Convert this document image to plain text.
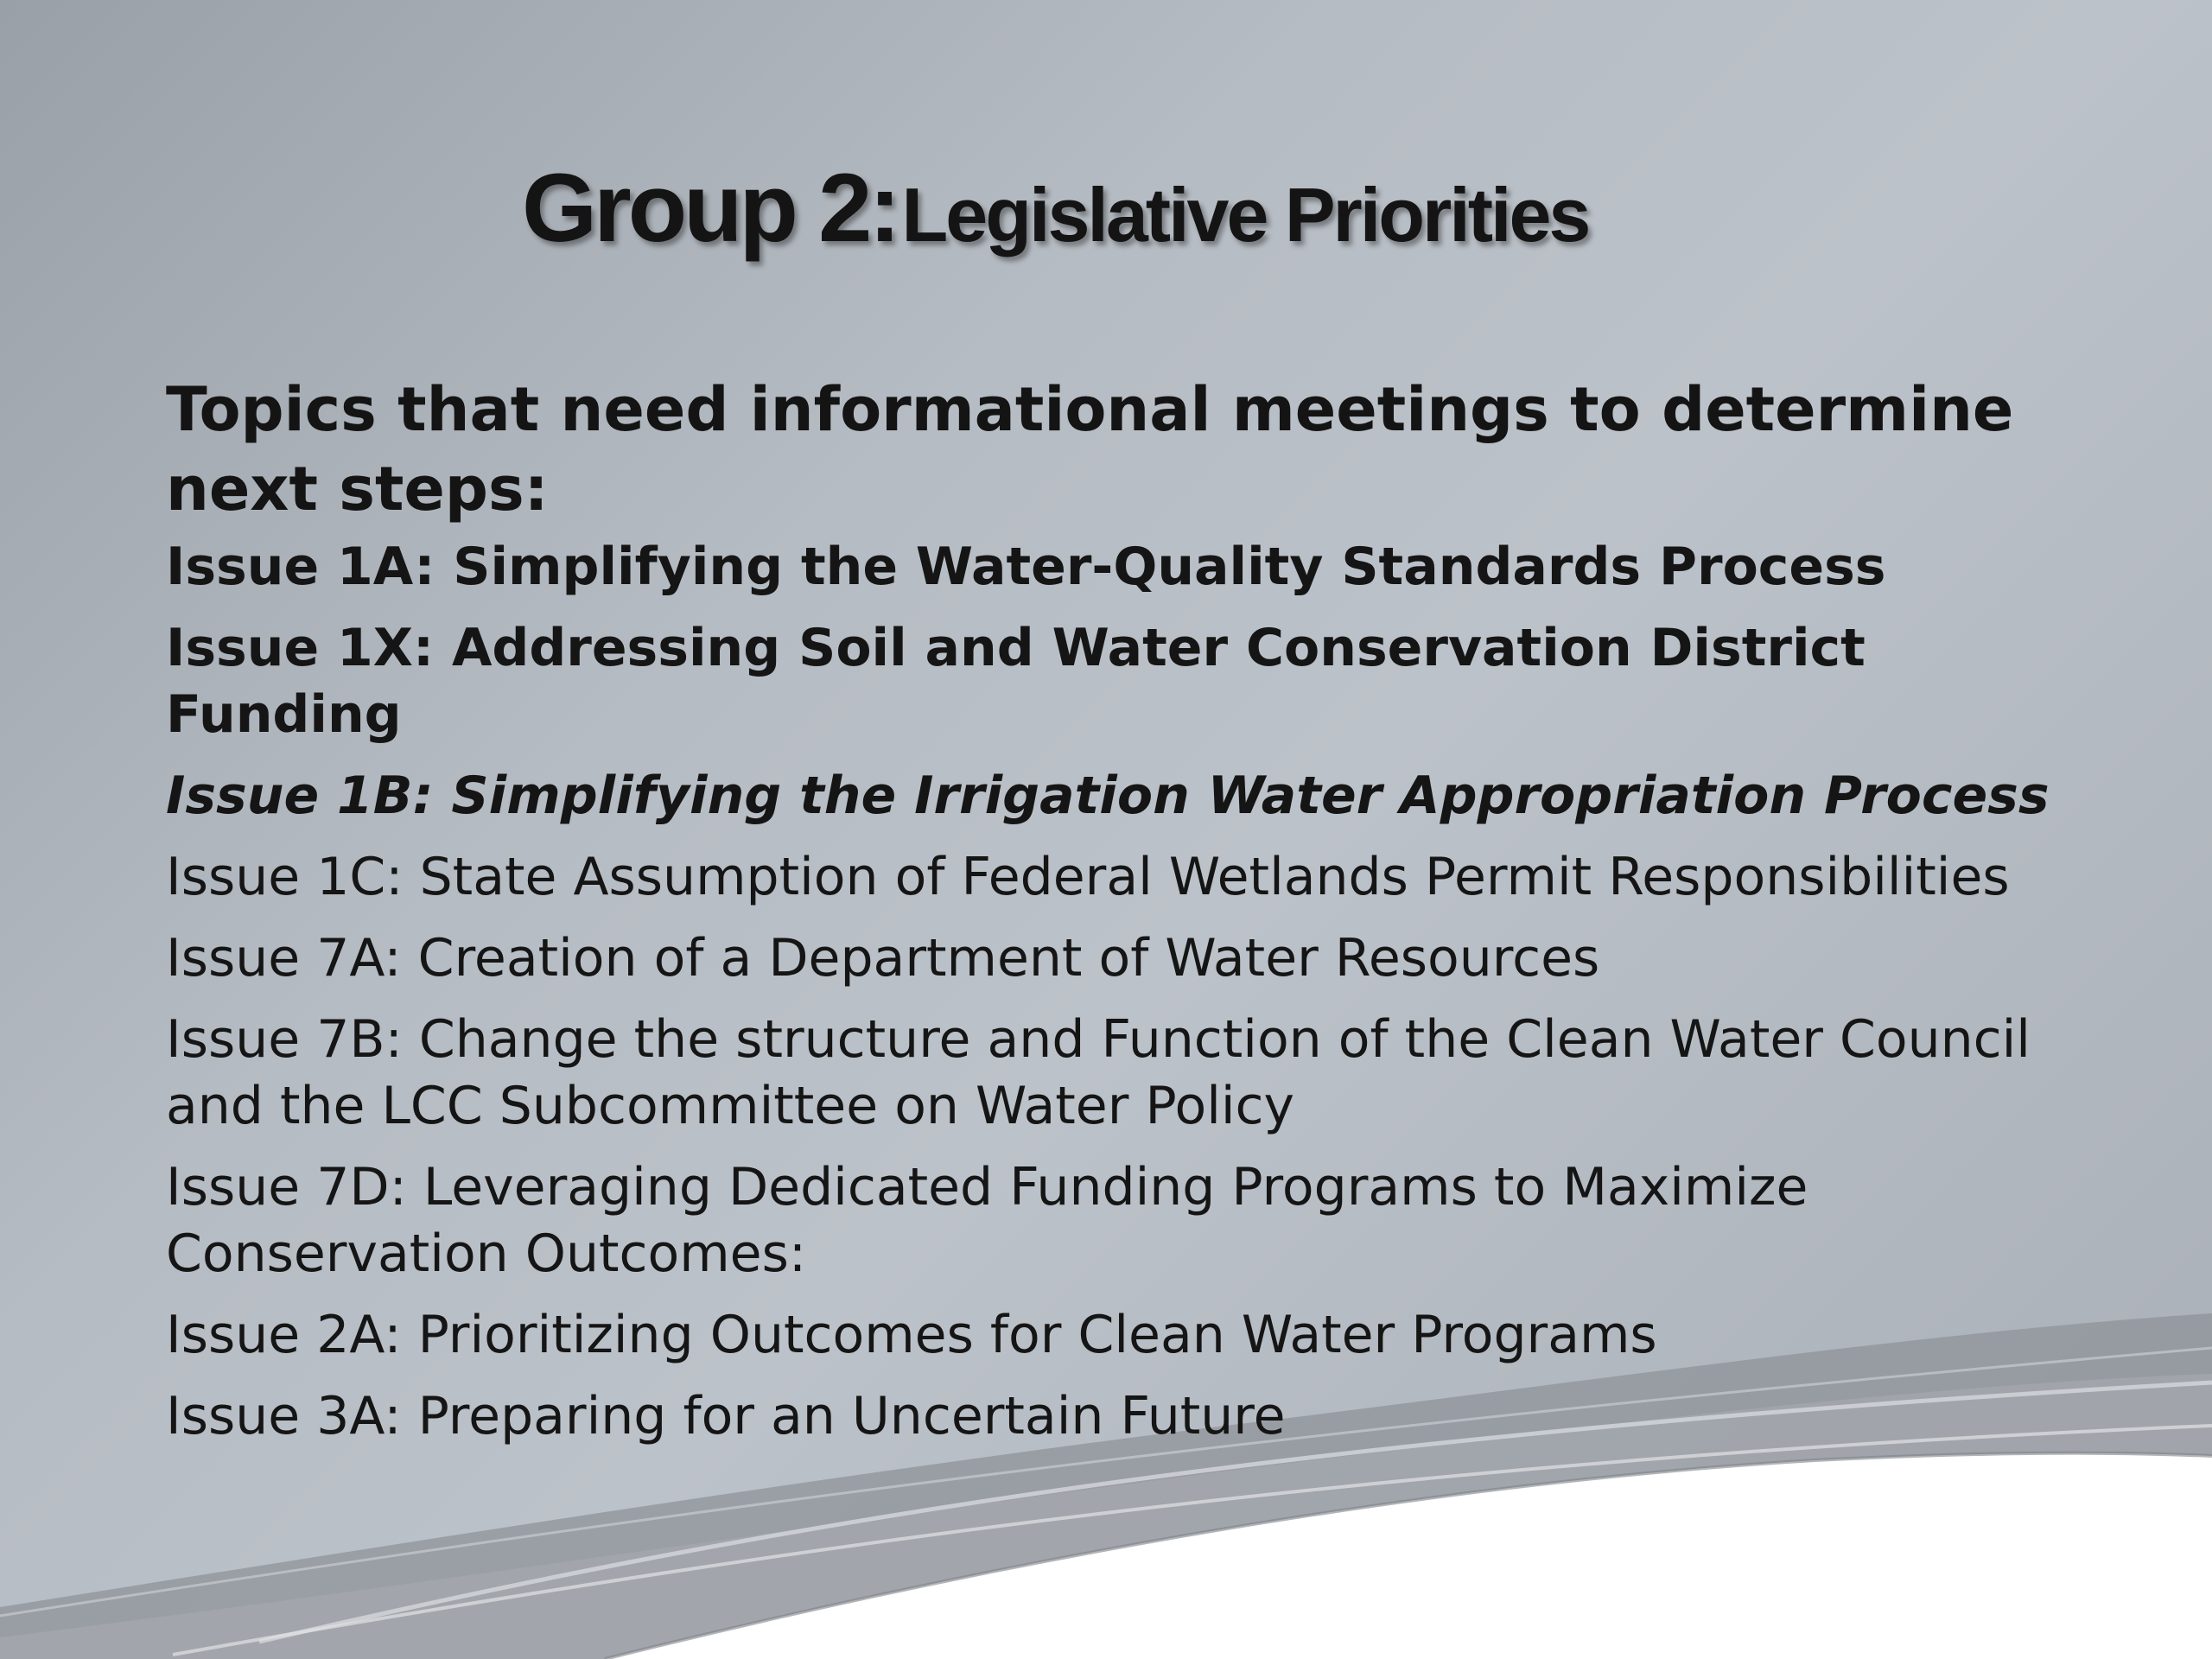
Group 2: Legislative Priorities

Topics that need informational meetings to determine next steps:

Issue 1A: Simplifying the Water-Quality Standards Process
Issue 1X: Addressing Soil and Water Conservation District Funding
Issue 1B: Simplifying the Irrigation Water Appropriation Process
Issue 1C: State Assumption of Federal Wetlands Permit Responsibilities
Issue 7A: Creation of a Department of Water Resources
Issue 7B: Change the structure and Function of the Clean Water Council and the LCC Subcommittee on Water Policy
Issue 7D: Leveraging Dedicated Funding Programs to Maximize Conservation Outcomes:
Issue 2A: Prioritizing Outcomes for Clean Water Programs
Issue 3A: Preparing for an Uncertain Future
